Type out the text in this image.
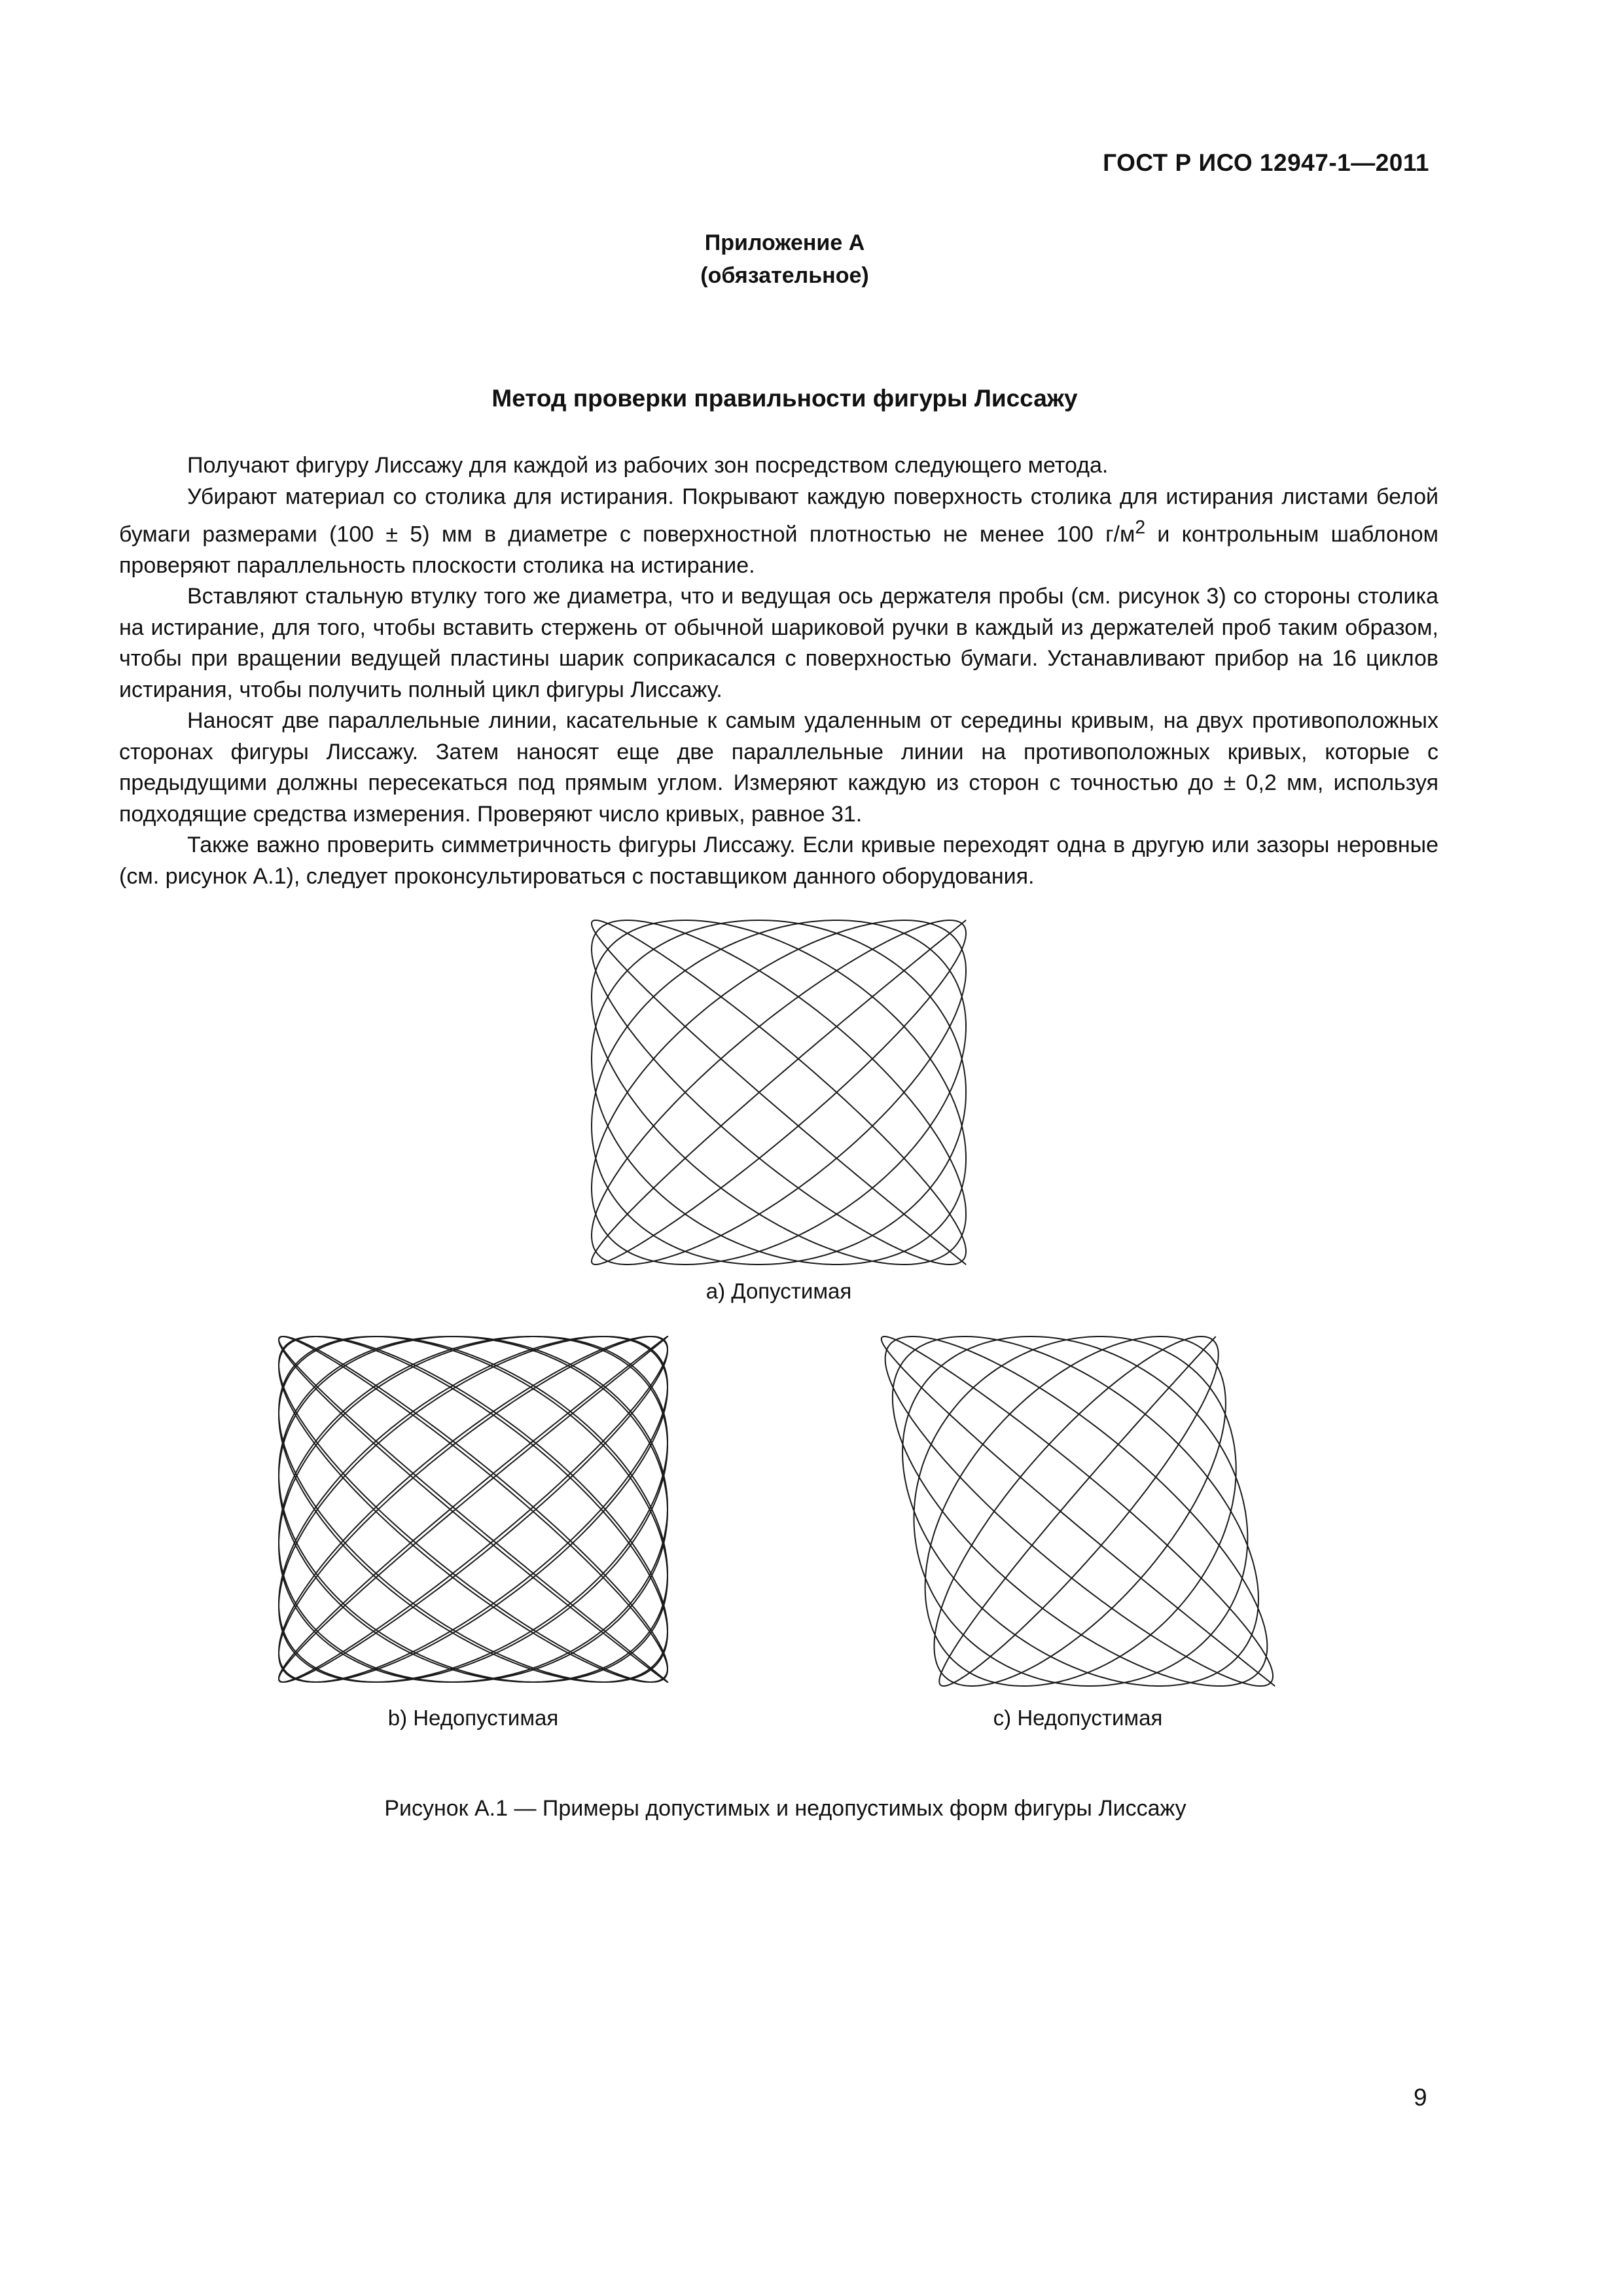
ГОСТ Р ИСО 12947-1—2011
Приложение А
(обязательное)
Метод проверки правильности фигуры Лиссажу

Получают фигуру Лиссажу для каждой из рабочих зон посредством следующего метода.

Убирают материал со столика для истирания. Покрывают каждую поверхность столика для истирания листами белой бумаги размерами (100 ± 5) мм в диаметре с поверхностной плотностью не менее 100 $г/м^2$ и контрольным шаблоном проверяют параллельность плоскости столика на истирание.

Вставляют стальную втулку того же диаметра, что и ведущая ось держателя пробы (см. рисунок 3) со стороны столика на истирание, для того, чтобы вставить стержень от обычной шариковой ручки в каждый из держателей проб таким образом, чтобы при вращении ведущей пластины шарик соприкасался с поверхностью бумаги. Устанавливают прибор на 16 циклов истирания, чтобы получить полный цикл фигуры Лиссажу.

Наносят две параллельные линии, касательные к самым удаленным от середины кривым, на двух противоположных сторонах фигуры Лиссажу. Затем наносят еще две параллельные линии на противоположных кривых, которые с предыдущими должны пересекаться под прямым углом. Измеряют каждую из сторон с точностью до ± 0,2 мм, используя подходящие средства измерения. Проверяют число кривых, равное 31.

Также важно проверить симметричность фигуры Лиссажу. Если кривые переходят одна в другую или зазоры неровные (см. рисунок А.1), следует проконсультироваться с поставщиком данного оборудования.

а) Допустимая
b) Недопустимая	с) Недопустимая
Рисунок А.1 — Примеры допустимых и недопустимых форм фигуры Лиссажу
9
